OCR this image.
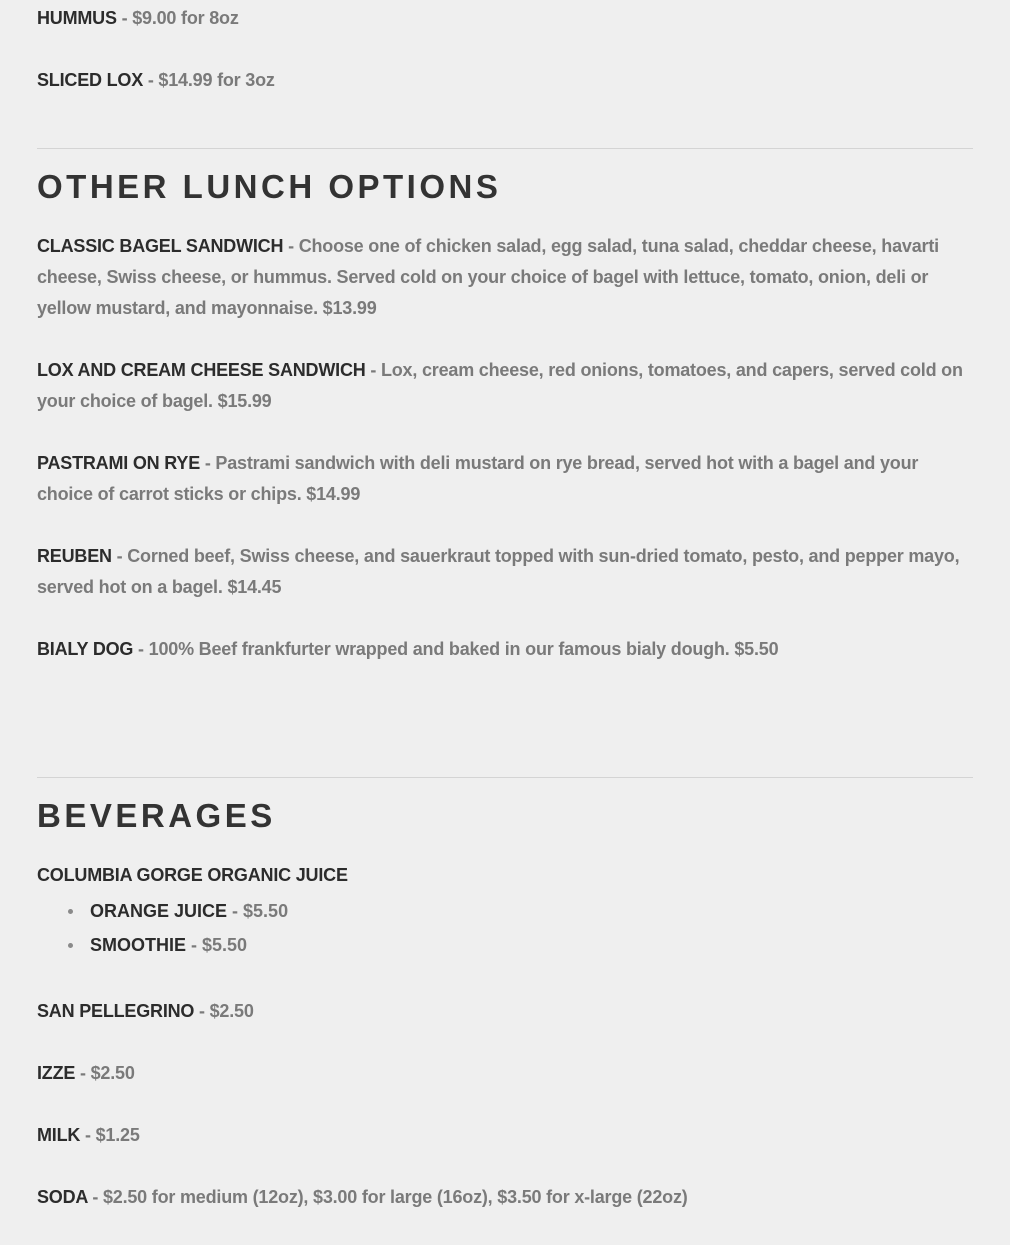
HUMMUS - $9.00 for 8oz
SLICED LOX - $14.99 for 3oz
OTHER LUNCH OPTIONS
CLASSIC BAGEL SANDWICH - Choose one of chicken salad, egg salad, tuna salad, cheddar cheese, havarti cheese, Swiss cheese, or hummus. Served cold on your choice of bagel with lettuce, tomato, onion, deli or yellow mustard, and mayonnaise. $13.99
LOX AND CREAM CHEESE SANDWICH - Lox, cream cheese, red onions, tomatoes, and capers, served cold on your choice of bagel. $15.99
PASTRAMI ON RYE - Pastrami sandwich with deli mustard on rye bread, served hot with a bagel and your choice of carrot sticks or chips. $14.99
REUBEN - Corned beef, Swiss cheese, and sauerkraut topped with sun-dried tomato, pesto, and pepper mayo, served hot on a bagel. $14.45
BIALY DOG - 100% Beef frankfurter wrapped and baked in our famous bialy dough. $5.50
BEVERAGES
COLUMBIA GORGE ORGANIC JUICE
ORANGE JUICE - $5.50
SMOOTHIE - $5.50
SAN PELLEGRINO - $2.50
IZZE - $2.50
MILK - $1.25
SODA - $2.50 for medium (12oz), $3.00 for large (16oz), $3.50 for x-large (22oz)
